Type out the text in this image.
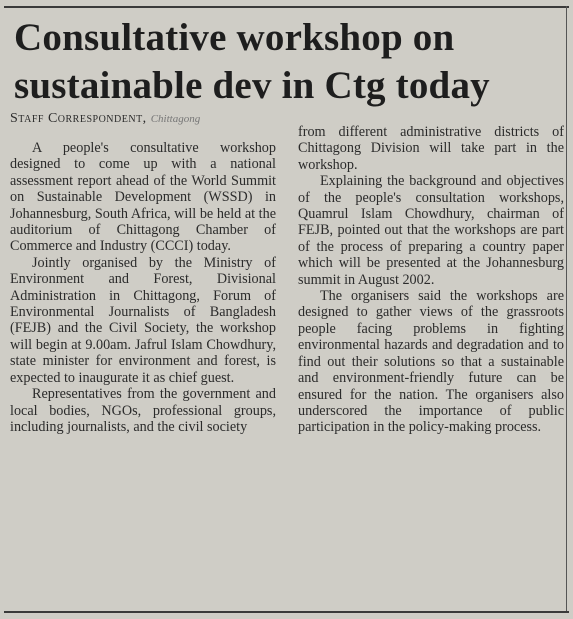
Consultative workshop on sustainable dev in Ctg today
Staff Correspondent, Chittagong

A people's consultative workshop designed to come up with a national assessment report ahead of the World Summit on Sustainable Development (WSSD) in Johannesburg, South Africa, will be held at the auditorium of Chittagong Chamber of Commerce and Industry (CCCI) today.

Jointly organised by the Ministry of Environment and Forest, Divisional Administration in Chittagong, Forum of Environmental Journalists of Bangladesh (FEJB) and the Civil Society, the workshop will begin at 9.00am. Jafrul Islam Chowdhury, state minister for environment and forest, is expected to inaugurate it as chief guest.

Representatives from the government and local bodies, NGOs, professional groups, including journalists, and the civil society

from different administrative districts of Chittagong Division will take part in the workshop.

Explaining the background and objectives of the people's consultation workshops, Quamrul Islam Chowdhury, chairman of FEJB, pointed out that the workshops are part of the process of preparing a country paper which will be presented at the Johannesburg summit in August 2002.

The organisers said the workshops are designed to gather views of the grassroots people facing problems in fighting environmental hazards and degradation and to find out their solutions so that a sustainable and environment-friendly future can be ensured for the nation. The organisers also underscored the importance of public participation in the policy-making process.
